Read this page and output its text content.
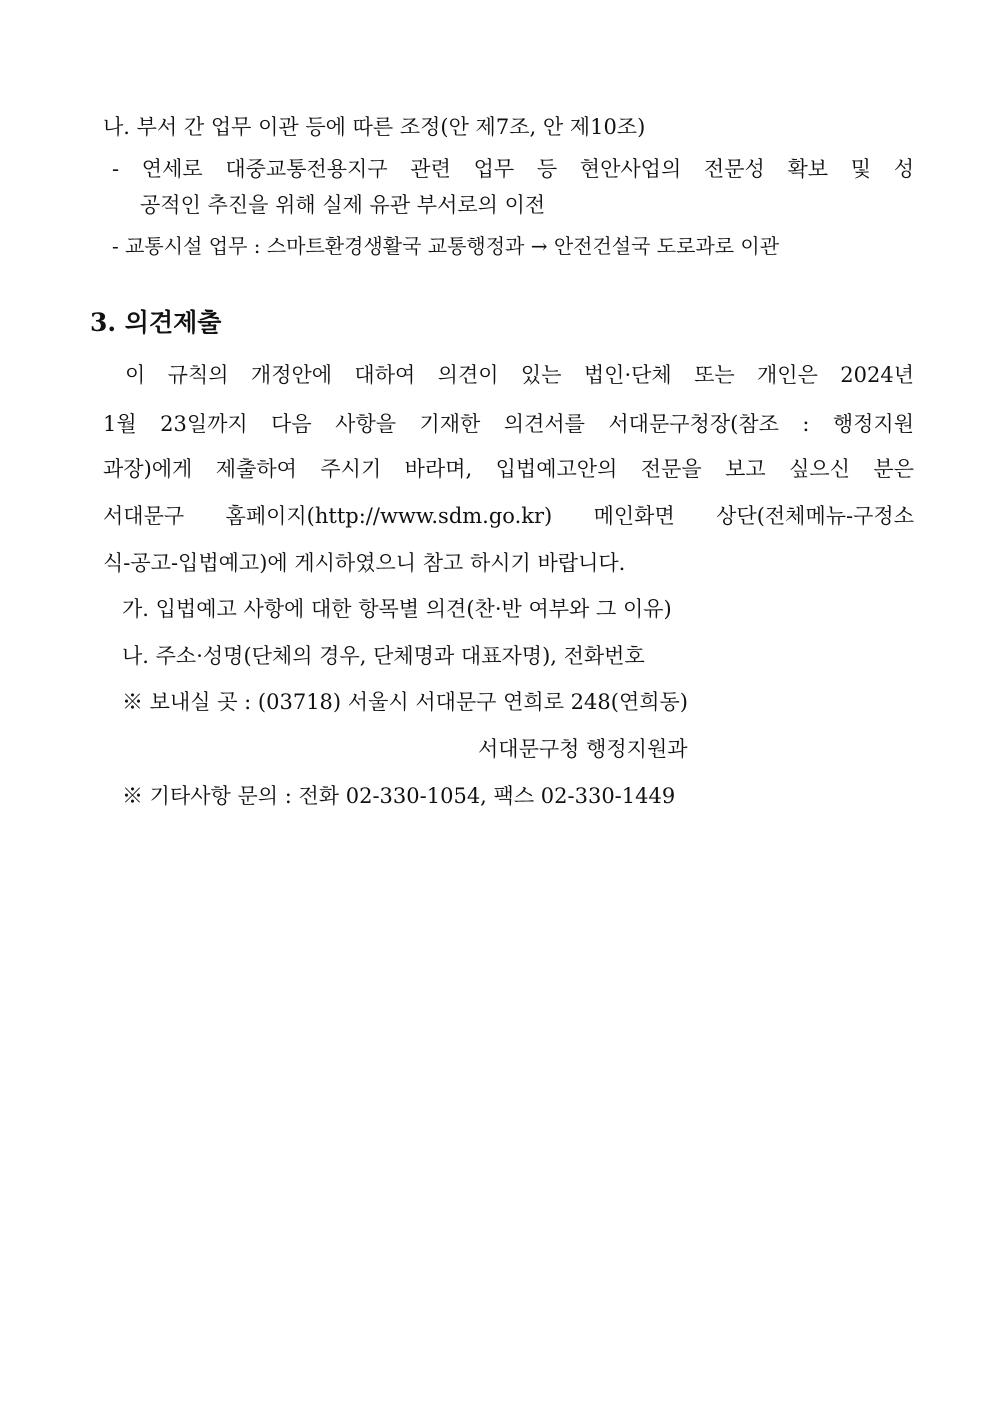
나. 부서 간 업무 이관 등에 따른 조정(안 제7조, 안 제10조)
- 연세로 대중교통전용지구 관련 업무 등 현안사업의 전문성 확보 및 성
공적인 추진을 위해 실제 유관 부서로의 이전
- 교통시설 업무 : 스마트환경생활국 교통행정과 → 안전건설국 도로과로 이관
3. 의견제출
이 규칙의 개정안에 대하여 의견이 있는 법인·단체 또는 개인은 2024년
1월 23일까지 다음 사항을 기재한 의견서를 서대문구청장(참조 : 행정지원
과장)에게 제출하여 주시기 바라며, 입법예고안의 전문을 보고 싶으신 분은
서대문구 홈페이지(http://www.sdm.go.kr) 메인화면 상단(전체메뉴-구정소
식-공고-입법예고)에 게시하였으니 참고 하시기 바랍니다.
가. 입법예고 사항에 대한 항목별 의견(찬·반 여부와 그 이유)
나. 주소·성명(단체의 경우, 단체명과 대표자명), 전화번호
※ 보내실 곳 : (03718) 서울시 서대문구 연희로 248(연희동)
서대문구청 행정지원과
※ 기타사항 문의 : 전화 02-330-1054, 팩스 02-330-1449
